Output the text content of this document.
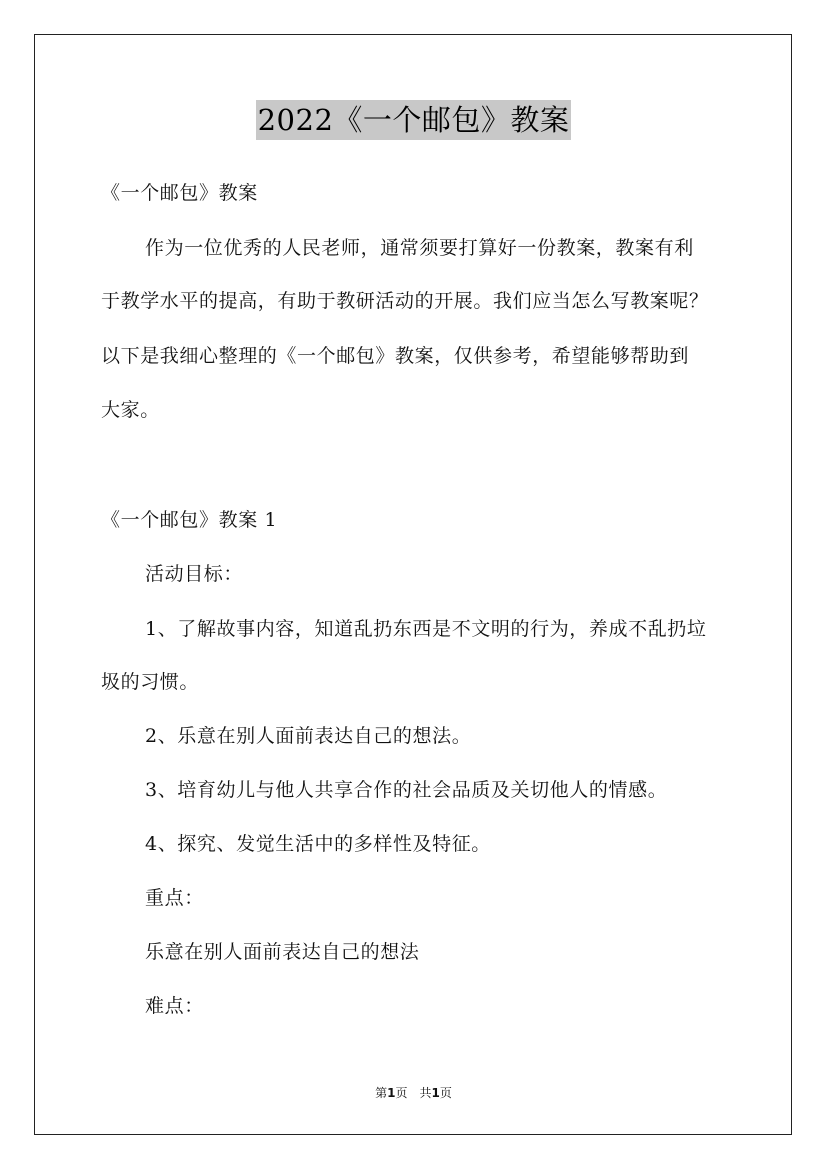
2022《一个邮包》教案
《一个邮包》教案
作为一位优秀的人民老师，通常须要打算好一份教案，教案有利
于教学水平的提高，有助于教研活动的开展。我们应当怎么写教案呢？
以下是我细心整理的《一个邮包》教案，仅供参考，希望能够帮助到
大家。
《一个邮包》教案 1
活动目标：
1、了解故事内容，知道乱扔东西是不文明的行为，养成不乱扔垃
圾的习惯。
2、乐意在别人面前表达自己的想法。
3、培育幼儿与他人共享合作的社会品质及关切他人的情感。
4、探究、发觉生活中的多样性及特征。
重点：
乐意在别人面前表达自己的想法
难点：
第1页　共1页
